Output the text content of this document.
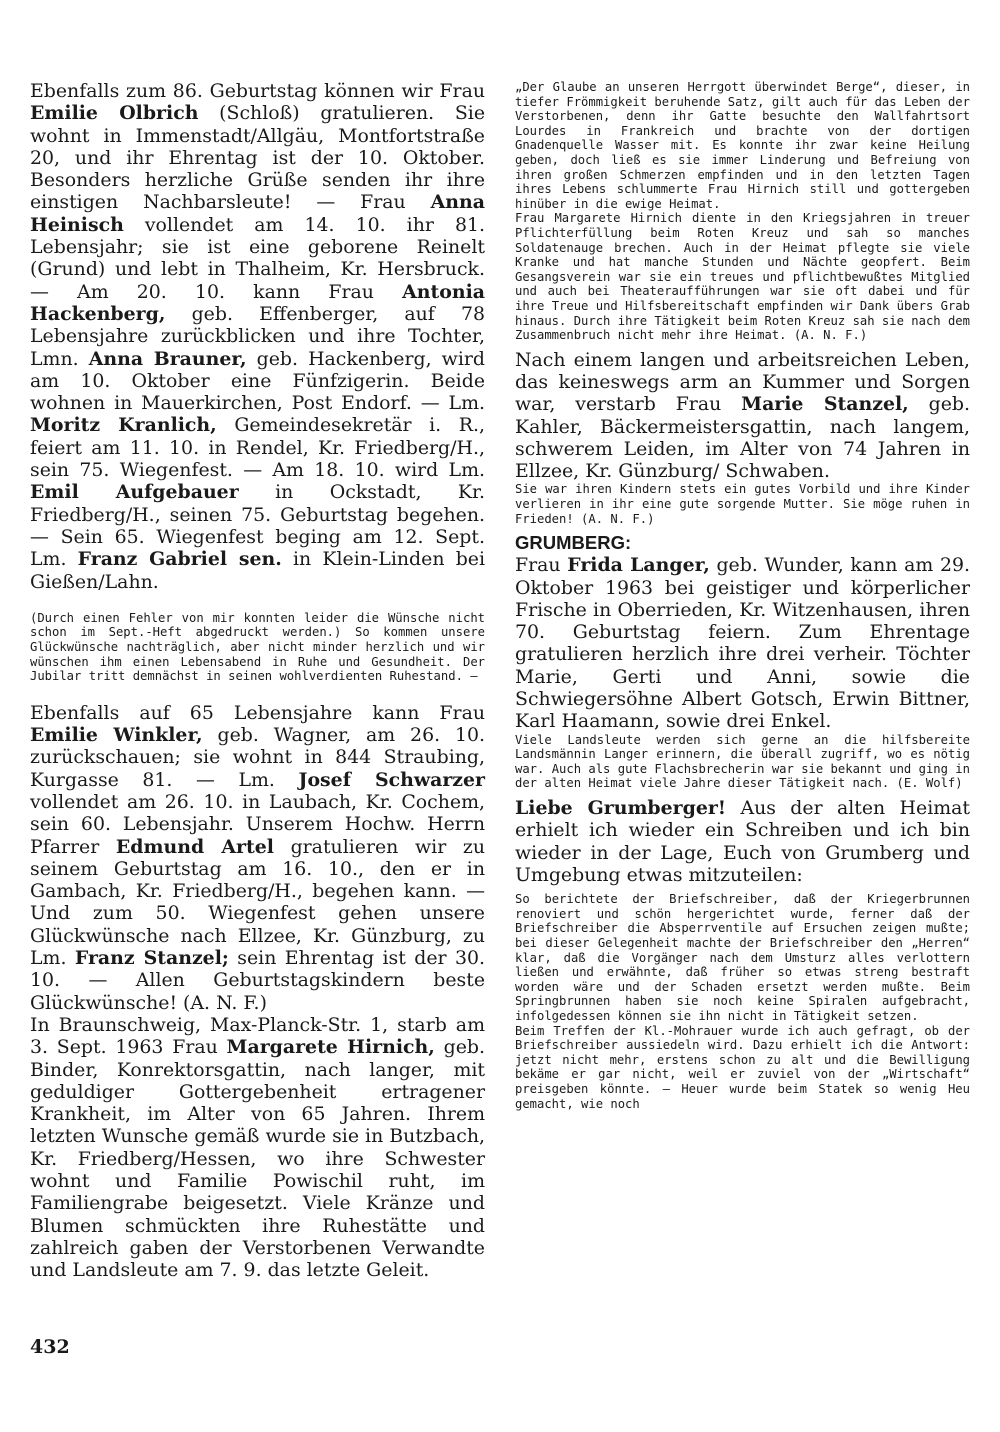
Ebenfalls zum 86. Geburtstag können wir Frau Emilie Olbrich (Schloß) gratulieren. Sie wohnt in Immenstadt/Allgäu, Montfortstraße 20, und ihr Ehrentag ist der 10. Oktober. Besonders herzliche Grüße senden ihr ihre einstigen Nachbarsleute! — Frau Anna Heinisch vollendet am 14. 10. ihr 81. Lebensjahr; sie ist eine geborene Reinelt (Grund) und lebt in Thalheim, Kr. Hersbruck. — Am 20. 10. kann Frau Antonia Hackenberg, geb. Effenberger, auf 78 Lebensjahre zurückblicken und ihre Tochter, Lmn. Anna Brauner, geb. Hackenberg, wird am 10. Oktober eine Fünfzigerin. Beide wohnen in Mauerkirchen, Post Endorf. — Lm. Moritz Kranlich, Gemeindesekretär i. R., feiert am 11. 10. in Rendel, Kr. Friedberg/H., sein 75. Wiegenfest. — Am 18. 10. wird Lm. Emil Aufgebauer in Ockstadt, Kr. Friedberg/H., seinen 75. Geburtstag begehen. — Sein 65. Wiegenfest beging am 12. Sept. Lm. Franz Gabriel sen. in Klein-Linden bei Gießen/Lahn.

(Durch einen Fehler von mir konnten leider die Wünsche nicht schon im Sept.-Heft abgedruckt werden.) So kommen unsere Glückwünsche nachträglich, aber nicht minder herzlich und wir wünschen ihm einen Lebensabend in Ruhe und Gesundheit. Der Jubilar tritt demnächst in seinen wohlverdienten Ruhestand. —

Ebenfalls auf 65 Lebensjahre kann Frau Emilie Winkler, geb. Wagner, am 26. 10. zurückschauen; sie wohnt in 844 Straubing, Kurgasse 81. — Lm. Josef Schwarzer vollendet am 26. 10. in Laubach, Kr. Cochem, sein 60. Lebensjahr. Unserem Hochw. Herrn Pfarrer Edmund Artel gratulieren wir zu seinem Geburtstag am 16. 10., den er in Gambach, Kr. Friedberg/H., begehen kann. — Und zum 50. Wiegenfest gehen unsere Glückwünsche nach Ellzee, Kr. Günzburg, zu Lm. Franz Stanzel; sein Ehrentag ist der 30. 10. — Allen Geburtstagskindern beste Glückwünsche! (A. N. F.)

In Braunschweig, Max-Planck-Str. 1, starb am 3. Sept. 1963 Frau Margarete Hirnich, geb. Binder, Konrektorsgattin, nach langer, mit geduldiger Gottergebenheit ertragener Krankheit, im Alter von 65 Jahren. Ihrem letzten Wunsche gemäß wurde sie in Butzbach, Kr. Friedberg/Hessen, wo ihre Schwester wohnt und Familie Powischil ruht, im Familiengrabe beigesetzt. Viele Kränze und Blumen schmückten ihre Ruhestätte und zahlreich gaben der Verstorbenen Verwandte und Landsleute am 7. 9. das letzte Geleit.

„Der Glaube an unseren Herrgott überwindet Berge“, dieser, in tiefer Frömmigkeit beruhende Satz, gilt auch für das Leben der Verstorbenen, denn ihr Gatte besuchte den Wallfahrtsort Lourdes in Frankreich und brachte von der dortigen Gnadenquelle Wasser mit. Es konnte ihr zwar keine Heilung geben, doch ließ es sie immer Linderung und Befreiung von ihren großen Schmerzen empfinden und in den letzten Tagen ihres Lebens schlummerte Frau Hirnich still und gottergeben hinüber in die ewige Heimat.

Frau Margarete Hirnich diente in den Kriegsjahren in treuer Pflichterfüllung beim Roten Kreuz und sah so manches Soldatenauge brechen. Auch in der Heimat pflegte sie viele Kranke und hat manche Stunden und Nächte geopfert. Beim Gesangsverein war sie ein treues und pflichtbewußtes Mitglied und auch bei Theateraufführungen war sie oft dabei und für ihre Treue und Hilfsbereitschaft empfinden wir Dank übers Grab hinaus. Durch ihre Tätigkeit beim Roten Kreuz sah sie nach dem Zusammenbruch nicht mehr ihre Heimat. (A. N. F.)

Nach einem langen und arbeitsreichen Leben, das keineswegs arm an Kummer und Sorgen war, verstarb Frau Marie Stanzel, geb. Kahler, Bäckermeistersgattin, nach langem, schwerem Leiden, im Alter von 74 Jahren in Ellzee, Kr. Günzburg/ Schwaben.

Sie war ihren Kindern stets ein gutes Vorbild und ihre Kinder verlieren in ihr eine gute sorgende Mutter. Sie möge ruhen in Frieden! (A. N. F.)

GRUMBERG:

Frau Frida Langer, geb. Wunder, kann am 29. Oktober 1963 bei geistiger und körperlicher Frische in Oberrieden, Kr. Witzenhausen, ihren 70. Geburtstag feiern. Zum Ehrentage gratulieren herzlich ihre drei verheir. Töchter Marie, Gerti und Anni, sowie die Schwiegersöhne Albert Gotsch, Erwin Bittner, Karl Haamann, sowie drei Enkel.

Viele Landsleute werden sich gerne an die hilfsbereite Landsmännin Langer erinnern, die überall zugriff, wo es nötig war. Auch als gute Flachsbrecherin war sie bekannt und ging in der alten Heimat viele Jahre dieser Tätigkeit nach. (E. Wolf)

Liebe Grumberger! Aus der alten Heimat erhielt ich wieder ein Schreiben und ich bin wieder in der Lage, Euch von Grumberg und Umgebung etwas mitzuteilen:

So berichtete der Briefschreiber, daß der Kriegerbrunnen renoviert und schön hergerichtet wurde, ferner daß der Briefschreiber die Absperrventile auf Ersuchen zeigen mußte; bei dieser Gelegenheit machte der Briefschreiber den „Herren“ klar, daß die Vorgänger nach dem Umsturz alles verlottern ließen und erwähnte, daß früher so etwas streng bestraft worden wäre und der Schaden ersetzt werden mußte. Beim Springbrunnen haben sie noch keine Spiralen aufgebracht, infolgedessen können sie ihn nicht in Tätigkeit setzen.

Beim Treffen der Kl.-Mohrauer wurde ich auch gefragt, ob der Briefschreiber aussiedeln wird. Dazu erhielt ich die Antwort: jetzt nicht mehr, erstens schon zu alt und die Bewilligung bekäme er gar nicht, weil er zuviel von der „Wirtschaft“ preisgeben könnte. — Heuer wurde beim Statek so wenig Heu gemacht, wie noch

432
